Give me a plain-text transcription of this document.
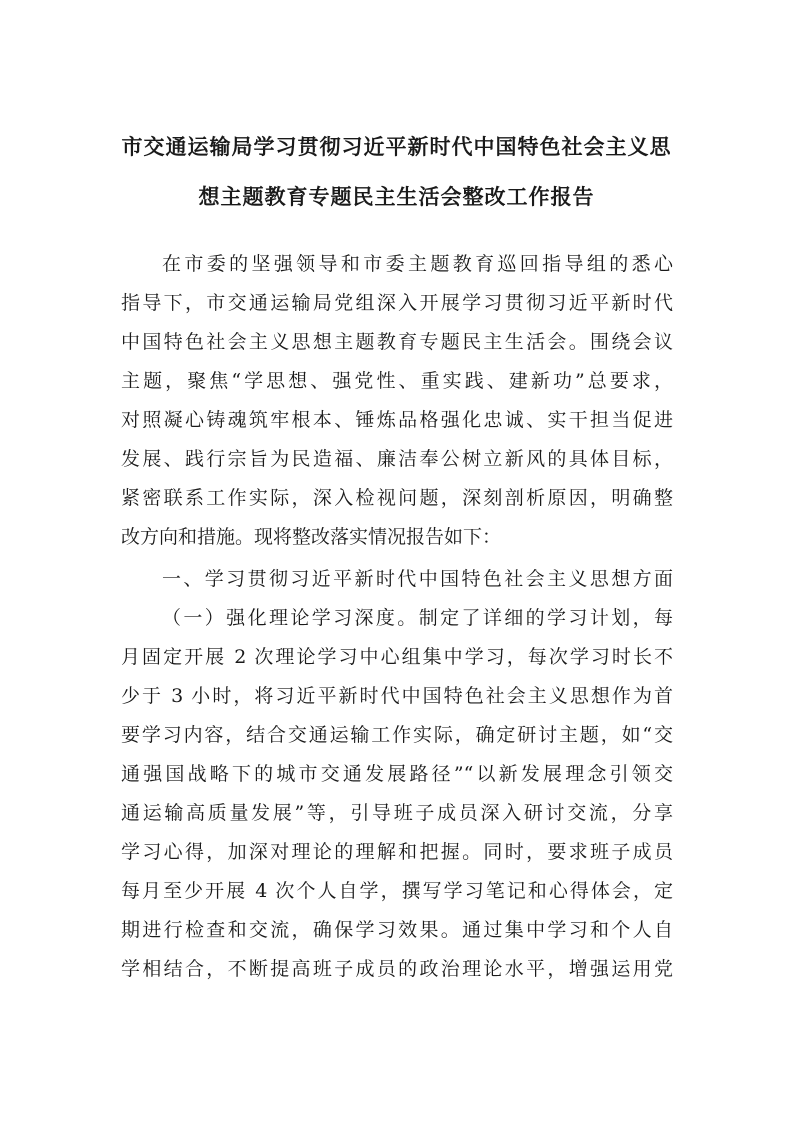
市交通运输局学习贯彻习近平新时代中国特色社会主义思
想主题教育专题民主生活会整改工作报告
在市委的坚强领导和市委主题教育巡回指导组的悉心
指导下，市交通运输局党组深入开展学习贯彻习近平新时代
中国特色社会主义思想主题教育专题民主生活会。围绕会议
主题，聚焦“学思想、强党性、重实践、建新功”总要求，
对照凝心铸魂筑牢根本、锤炼品格强化忠诚、实干担当促进
发展、践行宗旨为民造福、廉洁奉公树立新风的具体目标，
紧密联系工作实际，深入检视问题，深刻剖析原因，明确整
改方向和措施。现将整改落实情况报告如下：
一、学习贯彻习近平新时代中国特色社会主义思想方面
（一）强化理论学习深度。制定了详细的学习计划，每
月固定开展 2 次理论学习中心组集中学习，每次学习时长不
少于 3 小时，将习近平新时代中国特色社会主义思想作为首
要学习内容，结合交通运输工作实际，确定研讨主题，如“交
通强国战略下的城市交通发展路径”“以新发展理念引领交
通运输高质量发展”等，引导班子成员深入研讨交流，分享
学习心得，加深对理论的理解和把握。同时，要求班子成员
每月至少开展 4 次个人自学，撰写学习笔记和心得体会，定
期进行检查和交流，确保学习效果。通过集中学习和个人自
学相结合，不断提高班子成员的政治理论水平，增强运用党
